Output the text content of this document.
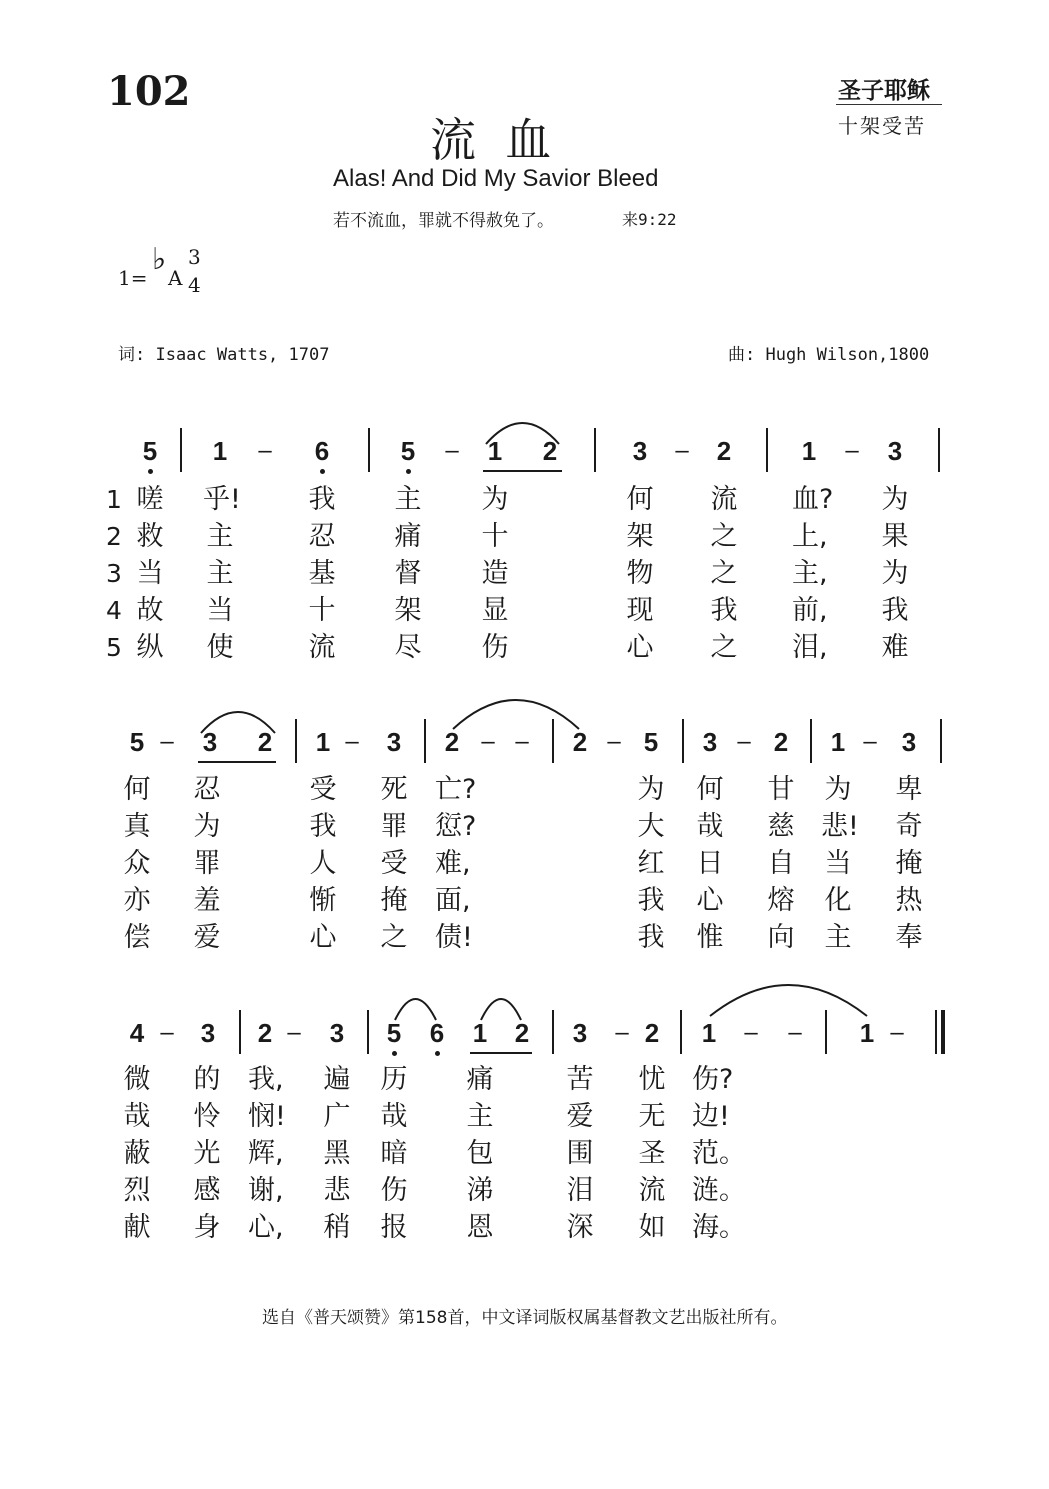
102	圣子耶稣
十架受苦
流  血
Alas! And Did My Savior Bleed
若不流血，罪就不得赦免了。	来9:22
1=
♭
A
3
4
词: Isaac Watts, 1707	曲: Hugh Wilson,1800
5 1	–	6	5	–	1 2	3	–	2	1	–	3
1 嗟 乎!	我 主 为	何 流 血?	为
2 救 主	忍 痛 十	架 之 上,	果
3 当 主	基 督 造	物 之 主,	为
4 故 当	十 架 显	现 我 前,	我
5 纵 使	流 尽 伤	心 之 泪,	难
5 –	3 2 1 –	3 2 – –	2 – 5 3 – 2 1 – 3
何 忍	受 死 亡?	为 何 甘 为 卑
真 为	我 罪 愆?	大 哉 慈 悲!	奇
众 罪	人 受 难,	红 日 自 当 掩
亦 羞	惭 掩 面,	我 心 熔 化 热
偿 爱	心 之 债!	我 惟 向 主 奉
4 –	3 2 –	3 5 6 1 2 3	– 2 1	–	–	1 –
微 的 我,	遍 历 痛	苦 忧 伤?
哉 怜 悯!	广 哉 主	爱 无 边!
蔽 光 辉,	黑 暗 包	围 圣 范。
烈 感 谢,	悲 伤 涕	泪 流 涟。
献 身 心,	稍 报 恩	深 如 海。
选自《普天颂赞》第158首，中文译词版权属基督教文艺出版社所有。
